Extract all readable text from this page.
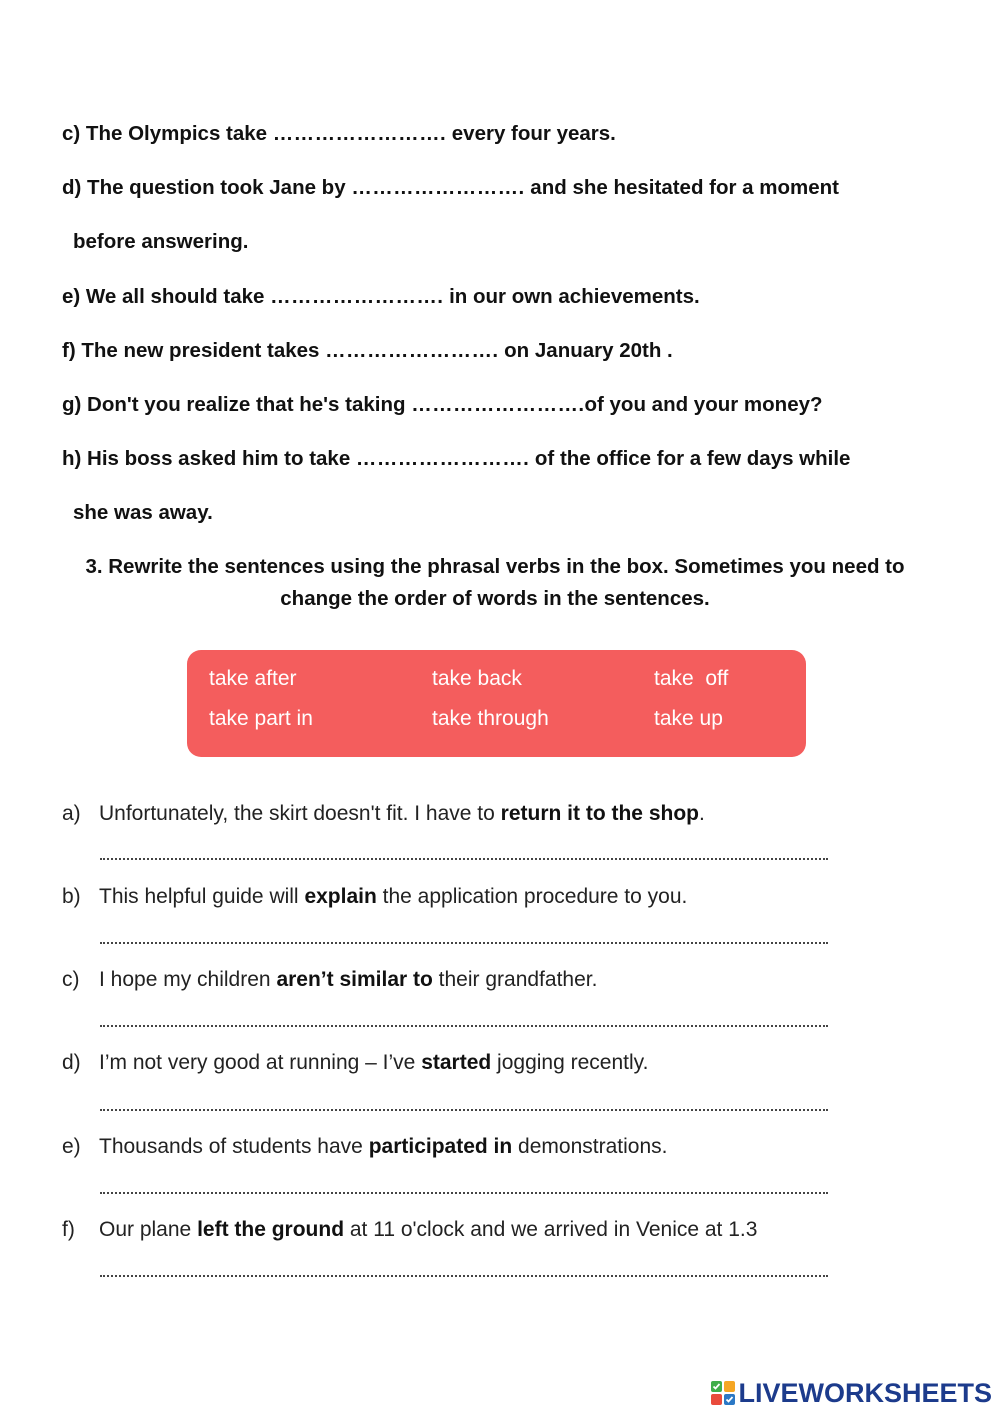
c) The Olympics take ……………………. every four years.
d) The question took Jane by ……………………. and she hesitated for a moment
before answering.
e) We all should take ……………………. in our own achievements.
f) The new president takes ……………………. on January 20th .
g) Don't you realize that he's taking …………………….of you and your money?
h) His boss asked him to take ……………………. of the office for a few days while
she was away.
3. Rewrite the sentences using the phrasal verbs in the box. Sometimes you need to
change the order of words in the sentences.
take after	take back	take  off
take part in	take through	take up
a) Unfortunately, the skirt doesn't fit. I have to return it to the shop.
b) This helpful guide will explain the application procedure to you.
c) I hope my children aren’t similar to their grandfather.
d) I’m not very good at running – I’ve started jogging recently.
e) Thousands of students have participated in demonstrations.
f) Our plane left the ground at 11 o'clock and we arrived in Venice at 1.3
LIVEWORKSHEETS
